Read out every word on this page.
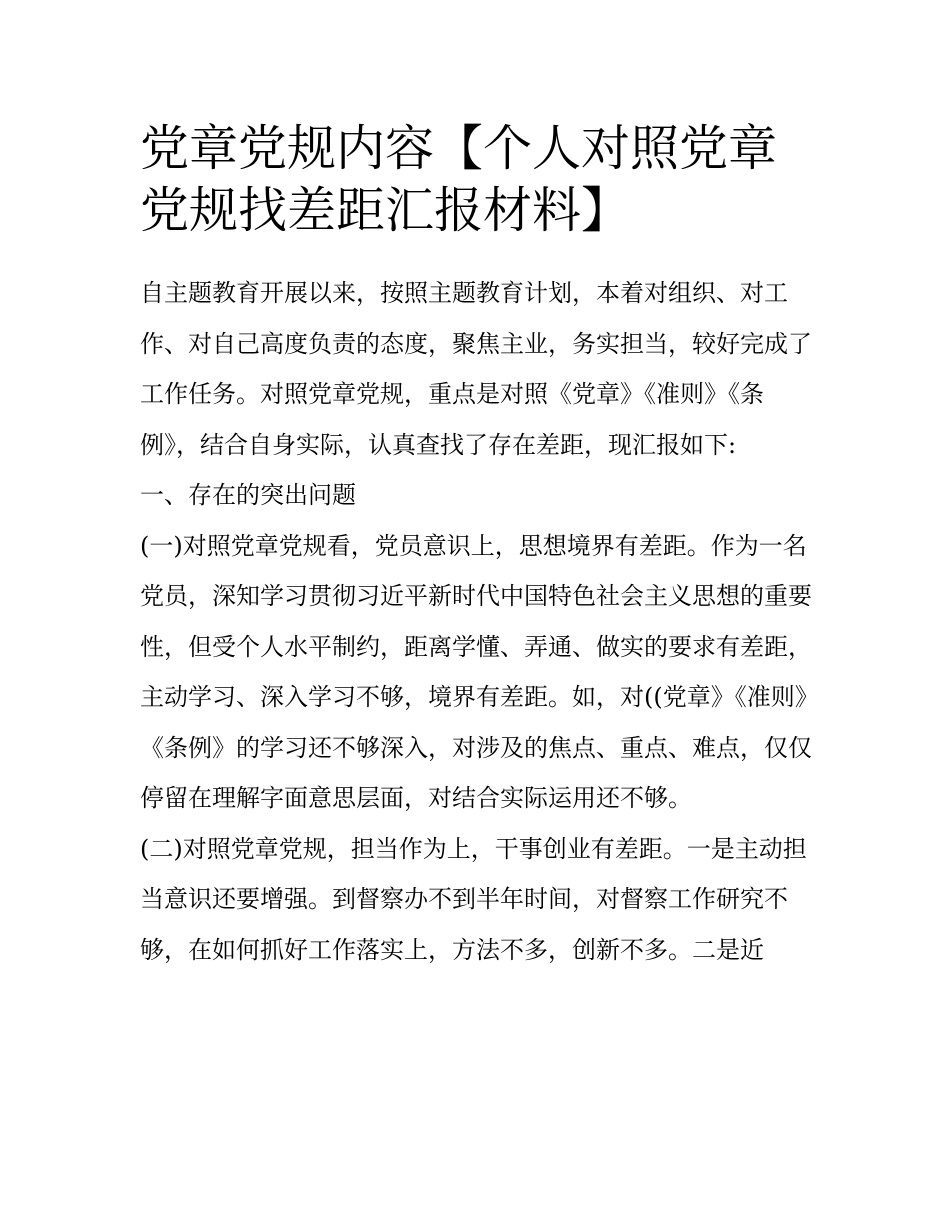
党章党规内容【个人对照党章党规找差距汇报材料】

自主题教育开展以来，按照主题教育计划，本着对组织、对工作、对自己高度负责的态度，聚焦主业，务实担当，较好完成了工作任务。对照党章党规，重点是对照《党章》《准则》《条例》，结合自身实际，认真查找了存在差距，现汇报如下:

一、存在的突出问题

(一)对照党章党规看，党员意识上，思想境界有差距。作为一名党员，深知学习贯彻习近平新时代中国特色社会主义思想的重要性，但受个人水平制约，距离学懂、弄通、做实的要求有差距，主动学习、深入学习不够，境界有差距。如，对((党章》《准则》《条例》的学习还不够深入，对涉及的焦点、重点、难点，仅仅停留在理解字面意思层面，对结合实际运用还不够。

(二)对照党章党规，担当作为上，干事创业有差距。一是主动担当意识还要增强。到督察办不到半年时间，对督察工作研究不够，在如何抓好工作落实上，方法不多，创新不多。二是近
